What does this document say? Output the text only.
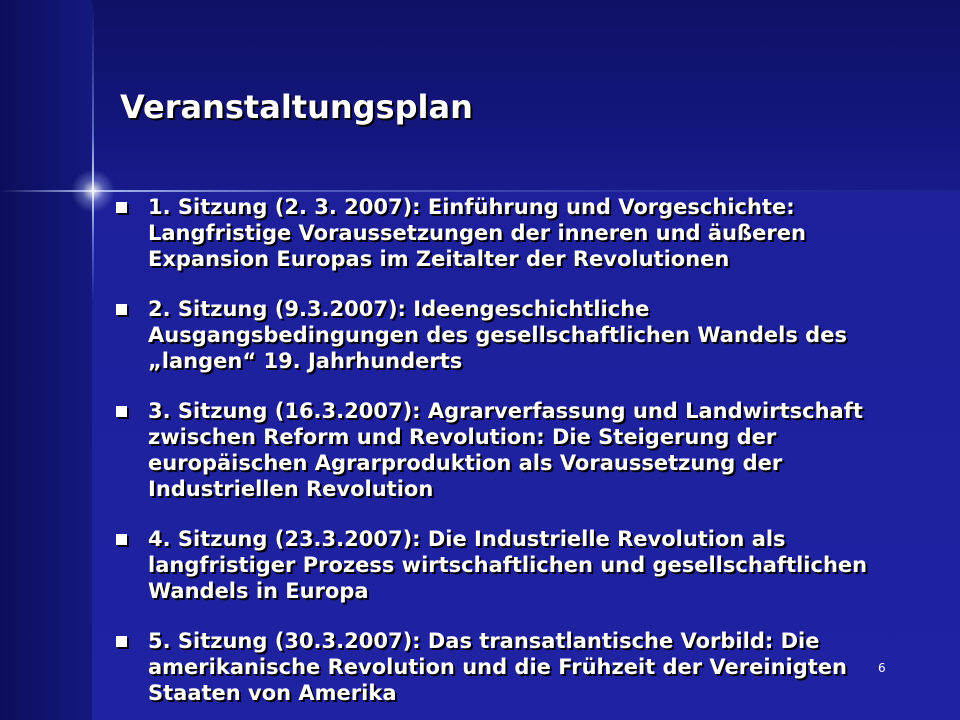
Veranstaltungsplan
1. Sitzung (2. 3. 2007): Einführung und Vorgeschichte:
Langfristige Voraussetzungen der inneren und äußeren
Expansion Europas im Zeitalter der Revolutionen
2. Sitzung (9.3.2007): Ideengeschichtliche
Ausgangsbedingungen des gesellschaftlichen Wandels des
„langen“ 19. Jahrhunderts
3. Sitzung (16.3.2007): Agrarverfassung und Landwirtschaft
zwischen Reform und Revolution: Die Steigerung der
europäischen Agrarproduktion als Voraussetzung der
Industriellen Revolution
4. Sitzung (23.3.2007): Die Industrielle Revolution als
langfristiger Prozess wirtschaftlichen und gesellschaftlichen
Wandels in Europa
5. Sitzung (30.3.2007): Das transatlantische Vorbild: Die
amerikanische Revolution und die Frühzeit der Vereinigten
Staaten von Amerika
6
